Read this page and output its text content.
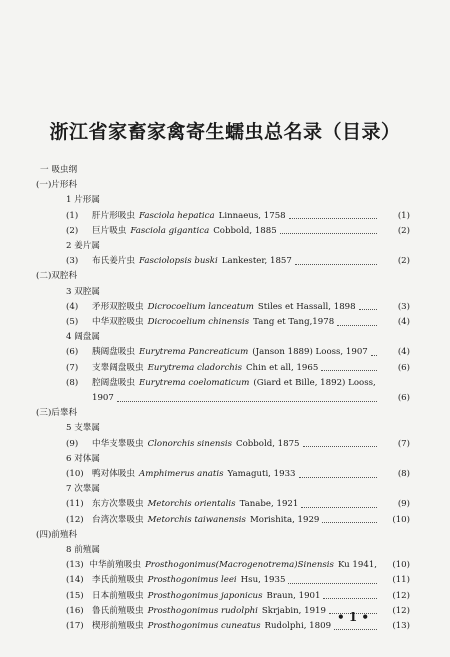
浙江省家畜家禽寄生蠕虫总名录（目录）
一 吸虫纲
(一)片形科
1 片形属
(1)	肝片形吸虫 Fasciola hepatica Linnaeus, 1758	(1)
(2)	巨片吸虫 Fasciola gigantica Cobbold, 1885	(2)
2 姜片属
(3)	布氏姜片虫 Fasciolopsis buski Lankester, 1857	(2)
(二)双腔科
3 双腔属
(4)	矛形双腔吸虫 Dicrocoelium lanceatum Stiles et Hassall, 1898	(3)
(5)	中华双腔吸虫 Dicrocoelium chinensis Tang et Tang,1978	(4)
4 阔盘属
(6)	胰阔盘吸虫 Eurytrema Pancreaticum (Janson 1889) Looss, 1907	(4)
(7)	支睾阔盘吸虫 Eurytrema cladorchis Chin et all, 1965	(6)
(8)	腔阔盘吸虫 Eurytrema coelomaticum (Giard et Bille, 1892) Looss,
1907	(6)
(三)后睾科
5 支睾属
(9)	中华支睾吸虫 Clonorchis sinensis Cobbold, 1875	(7)
6 对体属
(10) 鸭对体吸虫 Amphimerus anatis Yamaguti, 1933	(8)
7 次睾属
(11) 东方次睾吸虫 Metorchis orientalis Tanabe, 1921	(9)
(12) 台湾次睾吸虫 Metorchis taiwanensis Morishita, 1929	(10)
(四)前殖科
8 前殖属
(13) 中华前殖吸虫 Prosthogonimus(Macrogenotrema)Sinensis Ku 1941,	(10)
(14) 李氏前殖吸虫 Prosthogonimus leei Hsu, 1935	(11)
(15) 日本前殖吸虫 Prosthogonimus japonicus Braun, 1901	(12)
(16) 鲁氏前殖吸虫 Prosthogonimus rudolphi Skrjabin, 1919	(12)
(17) 楔形前殖吸虫 Prosthogonimus cuneatus Rudolphi, 1809	(13)
• 1 •
